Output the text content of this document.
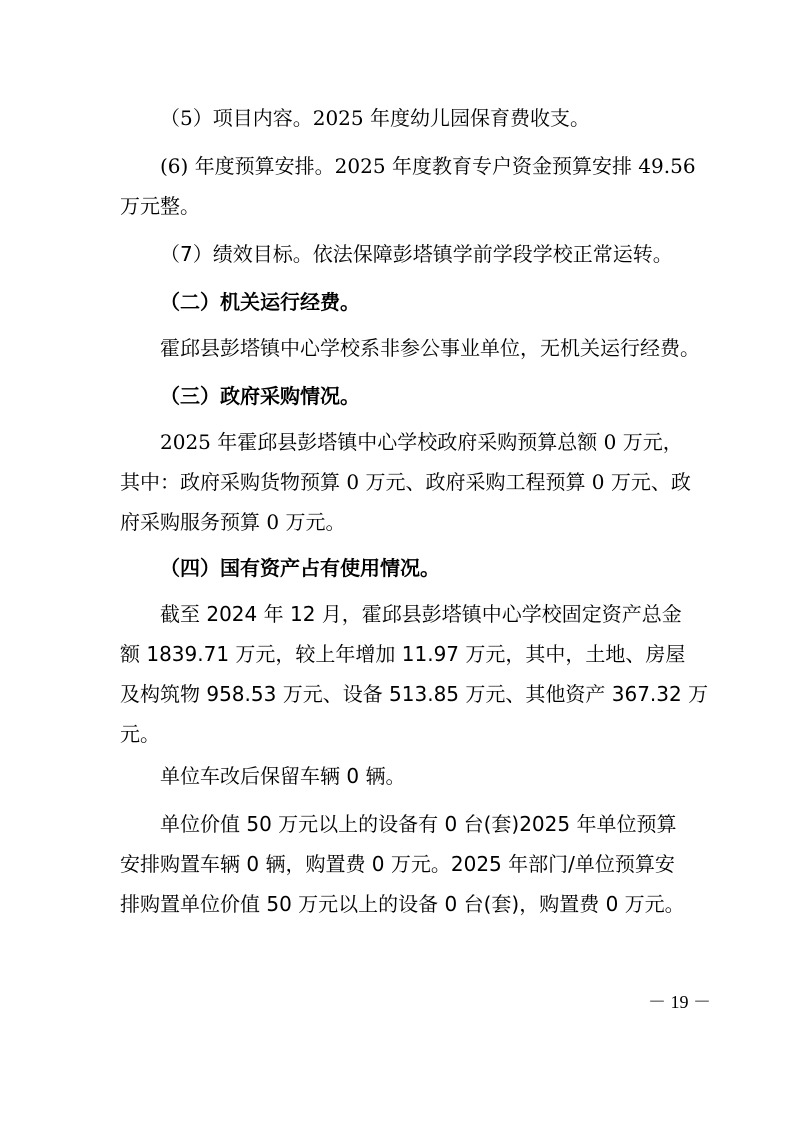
（5）项目内容。2025 年度幼儿园保育费收支。
(6) 年度预算安排。2025 年度教育专户资金预算安排 49.56
万元整。
（7）绩效目标。依法保障彭塔镇学前学段学校正常运转。
（二）机关运行经费。
霍邱县彭塔镇中心学校系非参公事业单位，无机关运行经费。
（三）政府采购情况。
2025 年霍邱县彭塔镇中心学校政府采购预算总额 0 万元，
其中：政府采购货物预算 0 万元、政府采购工程预算 0 万元、政
府采购服务预算 0 万元。
（四）国有资产占有使用情况。
截至 2024 年 12 月，霍邱县彭塔镇中心学校固定资产总金
额 1839.71 万元，较上年增加 11.97 万元，其中，土地、房屋
及构筑物 958.53 万元、设备 513.85 万元、其他资产 367.32 万
元。
单位车改后保留车辆 0 辆。
单位价值 50 万元以上的设备有 0 台(套)2025 年单位预算
安排购置车辆 0 辆，购置费 0 万元。2025 年部门/单位预算安
排购置单位价值 50 万元以上的设备 0 台(套)，购置费 0 万元。
－ 19 －
